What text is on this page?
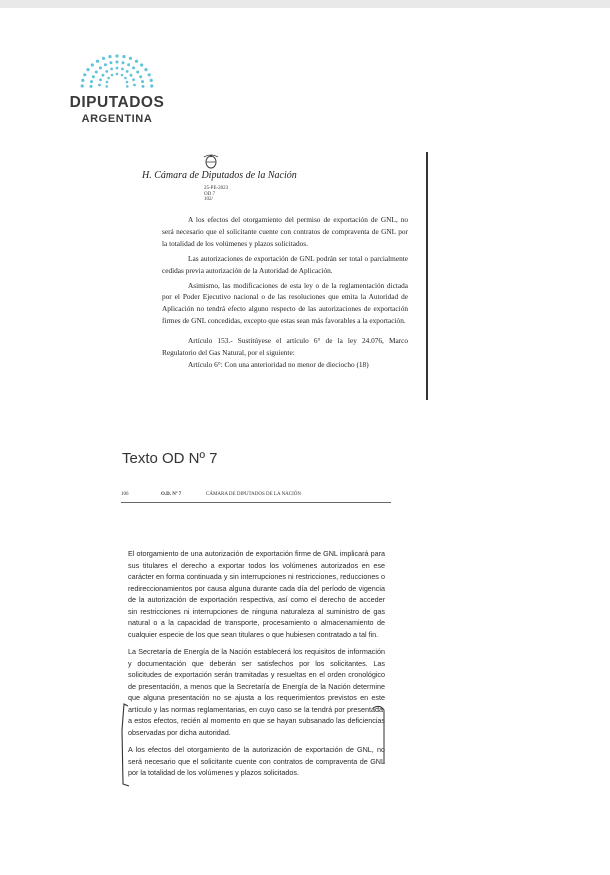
DIPUTADOS
ARGENTINA
H. Cámara de Diputados de la Nación
25-PE-2023
OD 7
102/

A los efectos del otorgamiento del permiso de exportación de GNL, no será necesario que el solicitante cuente con contratos de compraventa de GNL por la totalidad de los volúmenes y plazos solicitados.

Las autorizaciones de exportación de GNL podrán ser total o parcialmente cedidas previa autorización de la Autoridad de Aplicación.

Asimismo, las modificaciones de esta ley o de la reglamentación dictada por el Poder Ejecutivo nacional o de las resoluciones que emita la Autoridad de Aplicación no tendrá efecto alguno respecto de las autorizaciones de exportación firmes de GNL concedidas, excepto que estas sean más favorables a la exportación.

Artículo 153.- Sustitúyese el artículo 6° de la ley 24.076, Marco Regulatorio del Gas Natural, por el siguiente:

Artículo 6°: Con una anterioridad no menor de dieciocho (18)

Texto OD Nº 7
106	O.D. Nº 7	CÁMARA DE DIPUTADOS DE LA NACIÓN

El otorgamiento de una autorización de exportación firme de GNL implicará para sus titulares el derecho a exportar todos los volúmenes autorizados en ese carácter en forma continuada y sin interrupciones ni restricciones, reducciones o redireccionamientos por causa alguna durante cada día del período de vigencia de la autorización de exportación respectiva, así como el derecho de acceder sin restricciones ni interrupciones de ninguna naturaleza al suministro de gas natural o a la capacidad de transporte, procesamiento o almacenamiento de cualquier especie de los que sean titulares o que hubiesen contratado a tal fin.

La Secretaría de Energía de la Nación establecerá los requisitos de información y documentación que deberán ser satisfechos por los solicitantes. Las solicitudes de exportación serán tramitadas y resueltas en el orden cronológico de presentación, a menos que la Secretaría de Energía de la Nación determine que alguna presentación no se ajusta a los requerimientos previstos en este artículo y las normas reglamentarias, en cuyo caso se la tendrá por presentada, a estos efectos, recién al momento en que se hayan subsanado las deficiencias observadas por dicha autoridad.

A los efectos del otorgamiento de la autorización de exportación de GNL, no será necesario que el solicitante cuente con contratos de compraventa de GNL por la totalidad de los volúmenes y plazos solicitados.
